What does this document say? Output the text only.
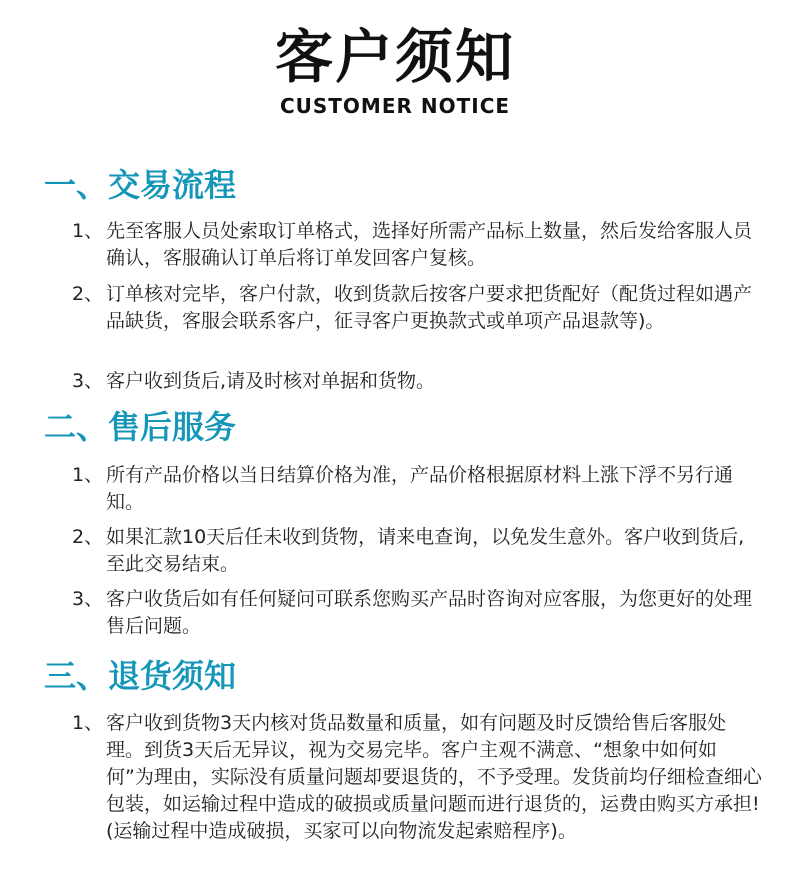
客户须知
CUSTOMER NOTICE
一、交易流程
1、 先至客服人员处索取订单格式，选择好所需产品标上数量，然后发给客服人员确认，客服确认订单后将订单发回客户复核。
2、 订单核对完毕，客户付款，收到货款后按客户要求把货配好（配货过程如遇产品缺货，客服会联系客户，征寻客户更换款式或单项产品退款等)。
3、 客户收到货后,请及时核对单据和货物。
二、售后服务
1、 所有产品价格以当日结算价格为准，产品价格根据原材料上涨下浮不另行通知。
2、 如果汇款10天后任未收到货物，请来电查询，以免发生意外。客户收到货后,至此交易结束。
3、 客户收货后如有任何疑问可联系您购买产品时咨询对应客服，为您更好的处理售后问题。
三、退货须知
1、 客户收到货物3天内核对货品数量和质量，如有问题及时反馈给售后客服处理。到货3天后无异议，视为交易完毕。客户主观不满意、“想象中如何如何”为理由，实际没有质量问题却要退货的，不予受理。发货前均仔细检查细心包装，如运输过程中造成的破损或质量问题而进行退货的，运费由购买方承担!(运输过程中造成破损，买家可以向物流发起索赔程序)。
